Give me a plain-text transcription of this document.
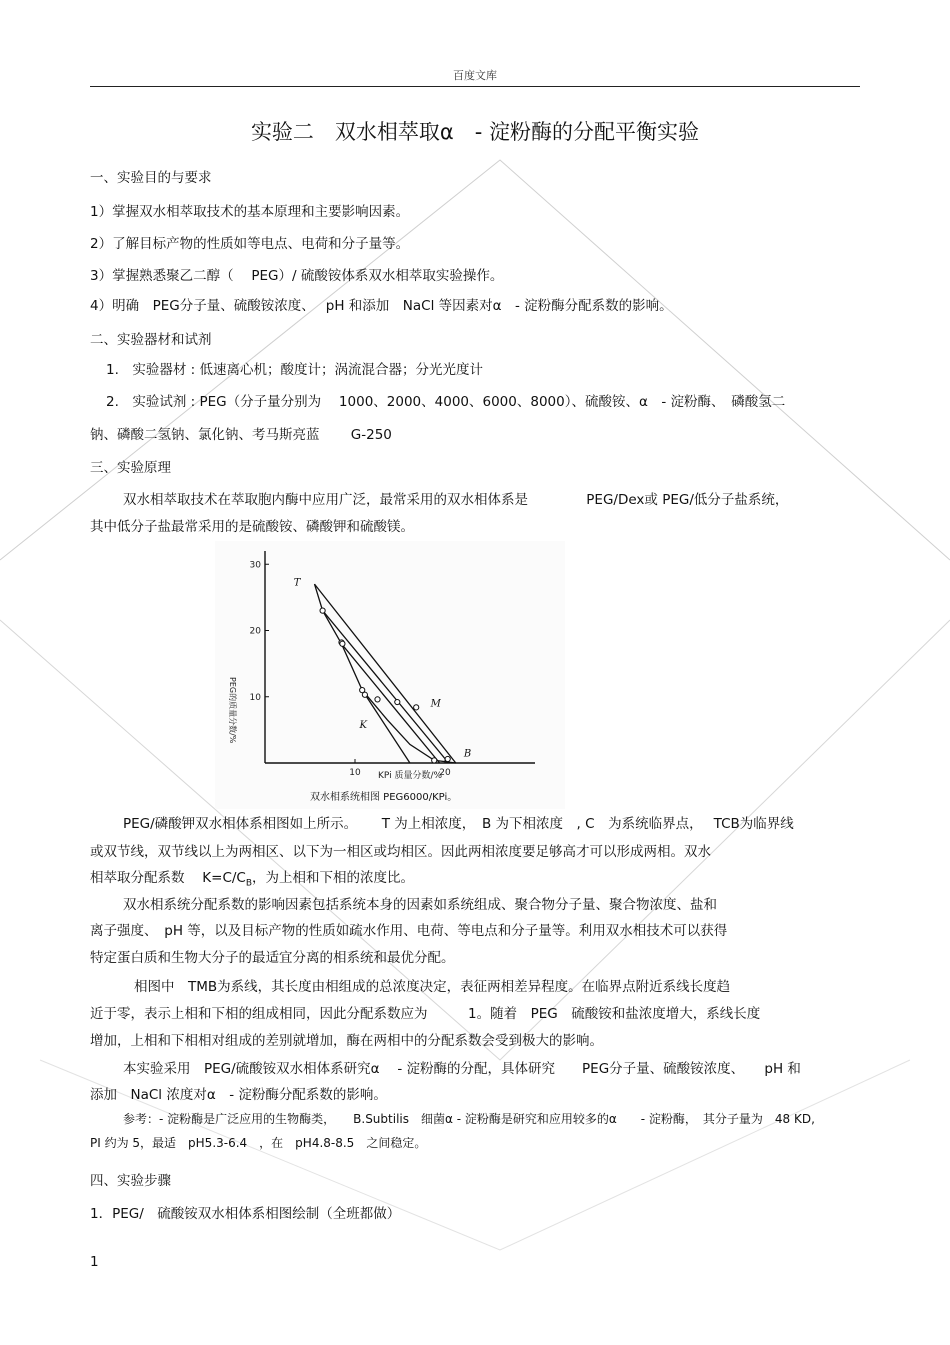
百度文库
实验二　双水相萃取α　- 淀粉酶的分配平衡实验
一、实验目的与要求
1）掌握双水相萃取技术的基本原理和主要影响因素。
2）了解目标产物的性质如等电点、电荷和分子量等。
3）掌握熟悉聚乙二醇（　 PEG）/ 硫酸铵体系双水相萃取实验操作。
4）明确　PEG分子量、硫酸铵浓度、　 pH 和添加　NaCl 等因素对α　- 淀粉酶分配系数的影响。
二、实验器材和试剂
1.　实验器材 : 低速离心机；酸度计；涡流混合器；分光光度计
2.　实验试剂 : PEG（分子量分别为　 1000、2000、4000、6000、8000）、硫酸铵、α　- 淀粉酶、　磷酸氢二
钠、磷酸二氢钠、氯化钠、考马斯亮蓝　　 G-250
三、实验原理
双水相萃取技术在萃取胞内酶中应用广泛，最常采用的双水相体系是　　　　 PEG/Dex或 PEG/低分子盐系统，
其中低分子盐最常采用的是硫酸铵、磷酸钾和硫酸镁。
10
20
30
10	20
T
M
K
B
PEG的质量分数/%
KPi 质量分数/%
双水相系统相图 PEG6000/KPi。
PEG/磷酸钾双水相体系相图如上所示。　　 T 为上相浓度，　B 为下相浓度　, C　为系统临界点，　 TCB为临界线
或双节线，双节线以上为两相区、以下为一相区或均相区。因此两相浓度要足够高才可以形成两相。双水
相萃取分配系数　 $K=C/C_B$，为上相和下相的浓度比。
双水相系统分配系数的影响因素包括系统本身的因素如系统组成、聚合物分子量、聚合物浓度、盐和
离子强度、　pH 等，以及目标产物的性质如疏水作用、电荷、等电点和分子量等。利用双水相技术可以获得
特定蛋白质和生物大分子的最适宜分离的相系统和最优分配。
相图中　TMB为系线，其长度由相组成的总浓度决定，表征两相差异程度。在临界点附近系线长度趋
近于零，表示上相和下相的组成相同，因此分配系数应为　　　1。随着　PEG　硫酸铵和盐浓度增大，系线长度
增加，上相和下相相对组成的差别就增加，酶在两相中的分配系数会受到极大的影响。
本实验采用　PEG/硫酸铵双水相体系研究α　 - 淀粉酶的分配，具体研究　　PEG分子量、硫酸铵浓度、　　pH 和
添加　NaCl 浓度对α　- 淀粉酶分配系数的影响。
参考：- 淀粉酶是广泛应用的生物酶类，　　B.Subtilis　细菌α - 淀粉酶是研究和应用较多的α　　- 淀粉酶，　其分子量为　48 KD,
PI 约为 5，最适　pH5.3-6.4　，在　pH4.8-8.5　之间稳定。
四、实验步骤
1．PEG/　硫酸铵双水相体系相图绘制（全班都做）
1
